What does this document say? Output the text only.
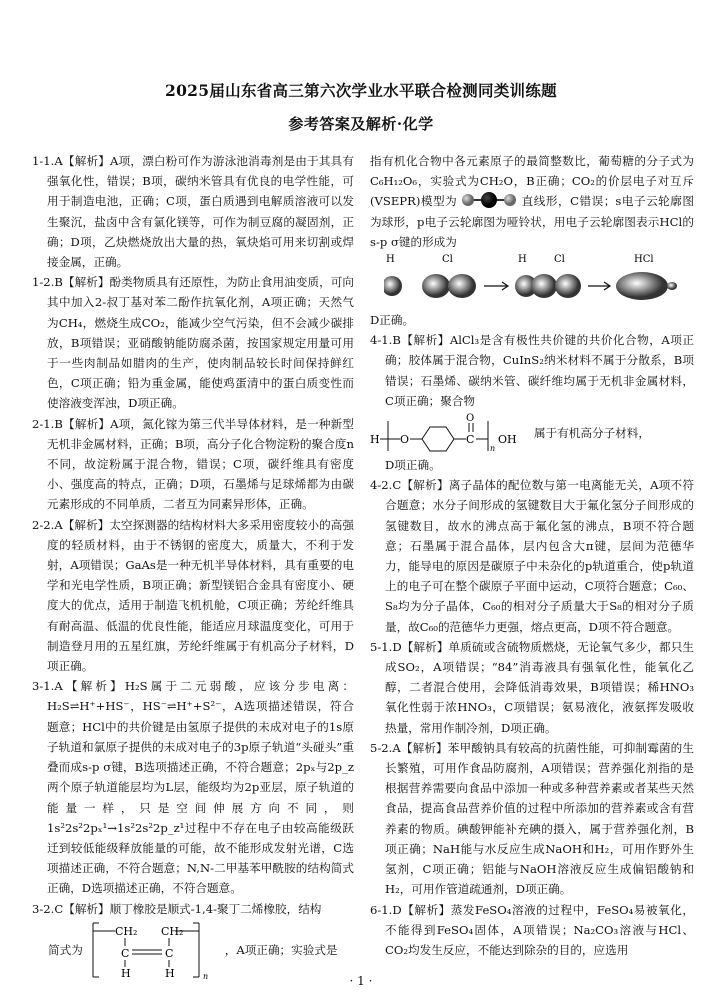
2025届山东省高三第六次学业水平联合检测同类训练题
参考答案及解析·化学

1-1.A【解析】A项，漂白粉可作为游泳池消毒剂是由于其具有强氧化性，错误；B项，碳纳米管具有优良的电学性能，可用于制造电池，正确；C项，蛋白质遇到电解质溶液可以发生聚沉，盐卤中含有氯化镁等，可作为制豆腐的凝固剂，正确；D项，乙炔燃烧放出大量的热，氧炔焰可用来切割或焊接金属，正确。

1-2.B【解析】酚类物质具有还原性，为防止食用油变质，可向其中加入2-叔丁基对苯二酚作抗氧化剂，A项正确；天然气为CH₄，燃烧生成CO₂，能减少空气污染，但不会减少碳排放，B项错误；亚硝酸钠能防腐杀菌，按国家规定用量可用于一些肉制品如腊肉的生产，使肉制品较长时间保持鲜红色，C项正确；铅为重金属，能使鸡蛋清中的蛋白质变性而使溶液变浑浊，D项正确。

2-1.B【解析】A项，氮化镓为第三代半导体材料，是一种新型无机非金属材料，正确；B项，高分子化合物淀粉的聚合度n不同，故淀粉属于混合物，错误；C项，碳纤维具有密度小、强度高的特点，正确；D项，石墨烯与足球烯都为由碳元素形成的不同单质，二者互为同素异形体，正确。

2-2.A【解析】太空探测器的结构材料大多采用密度较小的高强度的轻质材料，由于不锈钢的密度大，质量大，不利于发射，A项错误；GaAs是一种无机半导体材料，具有重要的电学和光电学性质，B项正确；新型镁铝合金具有密度小、硬度大的优点，适用于制造飞机机舱，C项正确；芳纶纤维具有耐高温、低温的优良性能，能适应月球温度变化，可用于制造登月用的五星红旗，芳纶纤维属于有机高分子材料，D项正确。

3-1.A【解析】H₂S属于二元弱酸，应该分步电离：H₂S⇌H⁺+HS⁻，HS⁻⇌H⁺+S²⁻，A选项描述错误，符合题意；HCl中的共价键是由氢原子提供的未成对电子的1s原子轨道和氯原子提供的未成对电子的3p原子轨道“头碰头”重叠而成s-p σ键，B选项描述正确，不符合题意；2pₓ与2p_z两个原子轨道能层均为L层，能级均为2p亚层，原子轨道的能量一样，只是空间伸展方向不同，则1s²2s²2pₓ¹→1s²2s²2p_z¹过程中不存在电子由较高能级跃迁到较低能级释放能量的可能，故不能形成发射光谱，C选项描述正确，不符合题意；N,N-二甲基苯甲酰胺的结构简式正确，D选项描述正确，不符合题意。

3-2.C【解析】顺丁橡胶是顺式-1,4-聚丁二烯橡胶，结构

简式为
CH₂ CH₂
C	C
H	H	n
，A项正确；实验式是

指有机化合物中各元素原子的最简整数比，葡萄糖的分子式为C₆H₁₂O₆，实验式为CH₂O，B正确；CO₂的价层电子对互斥(VSEPR)模型为	直线形，C错误；s电子云轮廓图为球形，p电子云轮廓图为哑铃状，用电子云轮廓图表示HCl的s-p σ键的形成为

H	Cl	H	Cl	HCl

D正确。

4-1.B【解析】AlCl₃是含有极性共价键的共价化合物，A项正确；胶体属于混合物，CuInS₂纳米材料不属于分散系，B项错误；石墨烯、碳纳米管、碳纤维均属于无机非金属材料，C项正确；聚合物

H O	C
O
n
OH 属于有机高分子材料，

D项正确。

4-2.C【解析】离子晶体的配位数与第一电离能无关，A项不符合题意；水分子间形成的氢键数目大于氟化氢分子间形成的氢键数目，故水的沸点高于氟化氢的沸点，B项不符合题意；石墨属于混合晶体，层内包含大π键，层间为范德华力，能导电的原因是碳原子中未杂化的p轨道重合，使p轨道上的电子可在整个碳原子平面中运动，C项符合题意；C₆₀、S₈均为分子晶体，C₆₀的相对分子质量大于S₈的相对分子质量，故C₆₀的范德华力更强，熔点更高，D项不符合题意。

5-1.D【解析】单质硫或含硫物质燃烧，无论氧气多少，都只生成SO₂，A项错误；“84”消毒液具有强氧化性，能氧化乙醇，二者混合使用，会降低消毒效果，B项错误；稀HNO₃氧化性弱于浓HNO₃，C项错误；氨易液化，液氨挥发吸收热量，常用作制冷剂，D项正确。

5-2.A【解析】苯甲酸钠具有较高的抗菌性能，可抑制霉菌的生长繁殖，可用作食品防腐剂，A项错误；营养强化剂指的是根据营养需要向食品中添加一种或多种营养素或者某些天然食品，提高食品营养价值的过程中所添加的营养素或含有营养素的物质。碘酸钾能补充碘的摄入，属于营养强化剂，B项正确；NaH能与水反应生成NaOH和H₂，可用作野外生氢剂，C项正确；铝能与NaOH溶液反应生成偏铝酸钠和H₂，可用作管道疏通剂，D项正确。

6-1.D【解析】蒸发FeSO₄溶液的过程中，FeSO₄易被氧化，不能得到FeSO₄固体，A项错误；Na₂CO₃溶液与HCl、CO₂均发生反应，不能达到除杂的目的，应选用

· 1 ·
